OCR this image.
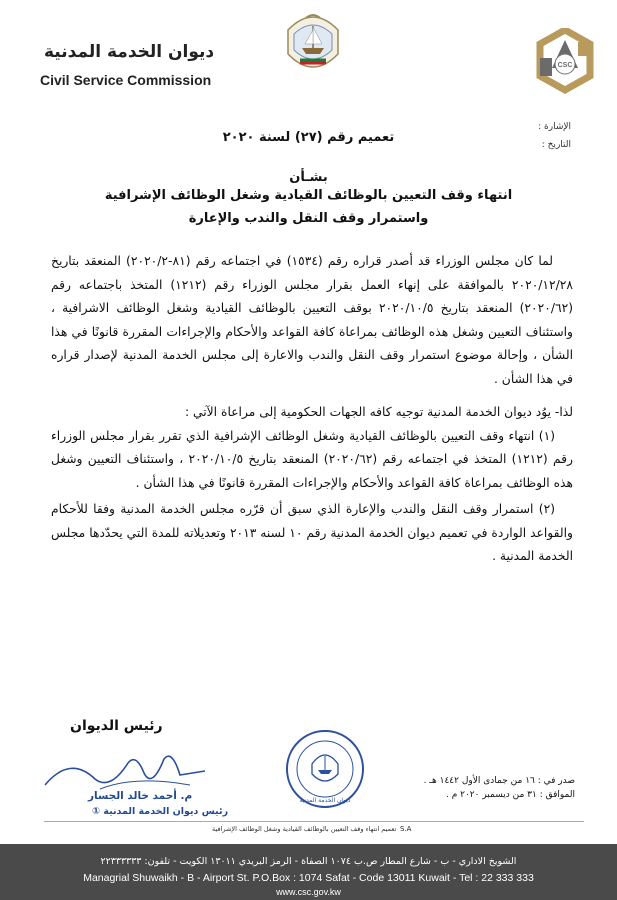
ديوان الخدمة المدنية
Civil Service Commission
CSC
الإشارة :
التاريخ :
تعميم رقم (٢٧) لسنة ٢٠٢٠
بشـأن
انتهاء وقف التعيين بالوظائف القيادية وشغل الوظائف الإشرافية
واستمرار وقف النقل والندب والإعارة

لما كان مجلس الوزراء قد أصدر قراره رقم (١٥٣٤) في اجتماعه رقم (٨١-٢٠٢٠/٢) المنعقد بتاريخ ٢٠٢٠/١٢/٢٨ بالموافقة على إنهاء العمل بقرار مجلس الوزراء رقم (١٢١٢) المتخذ باجتماعه رقم (٢٠٢٠/٦٢) المنعقد بتاريخ ٢٠٢٠/١٠/٥ بوقف التعيين بالوظائف القيادية وشغل الوظائف الاشرافية ، واستئناف التعيين وشغل هذه الوظائف بمراعاة كافة القواعد والأحكام والإجراءات المقررة قانونًا في هذا الشأن ، وإحالة موضوع استمرار وقف النقل والندب والاعارة إلى مجلس الخدمة المدنية لإصدار قراره في هذا الشأن .

لذا- يوُد ديوان الخدمة المدنية توجيه كافه الجهات الحكومية إلى مراعاة الآتي :

(١) انتهاء وقف التعيين بالوظائف القيادية وشغل الوظائف الإشرافية الذي تقرر بقرار مجلس الوزراء رقم (١٢١٢) المتخذ في اجتماعه رقم (٢٠٢٠/٦٢) المنعقد بتاريخ ٢٠٢٠/١٠/٥ ، واستئناف التعيين وشغل هذه الوظائف بمراعاة كافة القواعد والأحكام والإجراءات المقررة قانونًا في هذا الشأن .

(٢) استمرار وقف النقل والندب والإعارة الذي سبق أن قرّره مجلس الخدمة المدنية وفقا للأحكام والقواعد الواردة في تعميم ديوان الخدمة المدنية رقم ١٠ لسنه ٢٠١٣ وتعديلاته للمدة التي يحدّدها مجلس الخدمة المدنية .

رئيس الديوان
م. أحمد خالد الجسار
رئيس ديوان الخدمة المدنية ①
ديوان الخدمة المدنية
صدر في : ١٦ من جمادى الأول ١٤٤٢ هـ .
الموافق : ٣١ من ديسمبر ٢٠٢٠ م .
S.A
تعميم انتهاء وقف التعيين بالوظائف القيادية وشغل الوظائف الإشرافية
الشويخ الاداري - ب - شارع المطار ص.ب ١٠٧٤ الصفاة - الرمز البريدي ١٣٠١١ الكويت - تلفون: ٢٢٣٣٣٣٣٣
Managrial Shuwaikh - B - Airport St. P.O.Box : 1074 Safat - Code 13011 Kuwait - Tel : 22 333 333
www.csc.gov.kw
